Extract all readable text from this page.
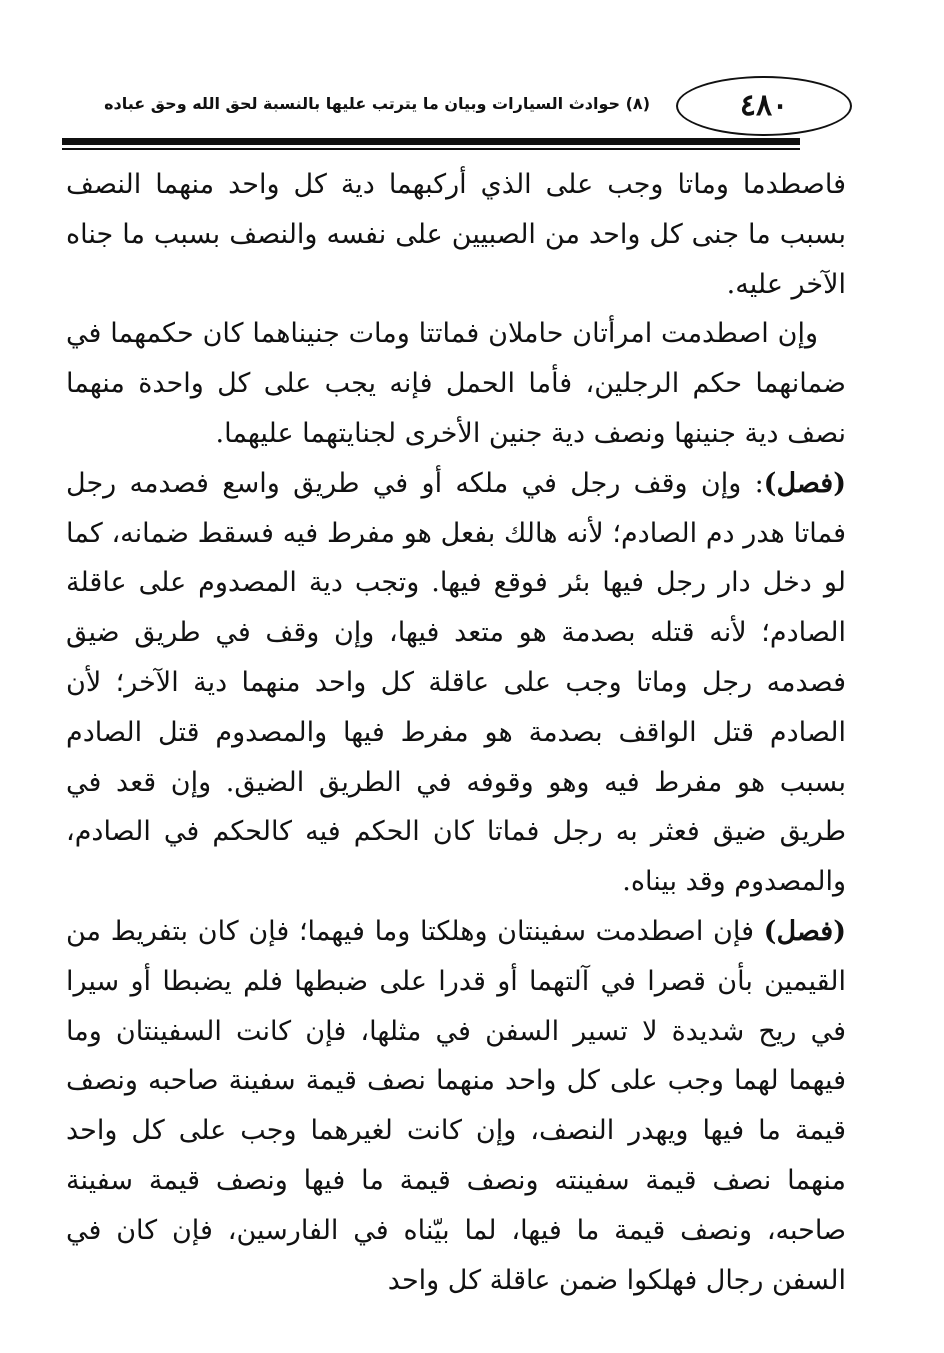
٤٨٠
(٨) حوادث السيارات وبيان ما يترتب عليها بالنسبة لحق الله وحق عباده

فاصطدما وماتا وجب على الذي أركبهما دية كل واحد منهما النصف بسبب ما جنى كل واحد من الصبيين على نفسه والنصف بسبب ما جناه الآخر عليه.

وإن اصطدمت امرأتان حاملان فماتتا ومات جنيناهما كان حكمهما في ضمانهما حكم الرجلين، فأما الحمل فإنه يجب على كل واحدة منهما نصف دية جنينها ونصف دية جنين الأخرى لجنايتهما عليهما.

(فصل): وإن وقف رجل في ملكه أو في طريق واسع فصدمه رجل فماتا هدر دم الصادم؛ لأنه هالك بفعل هو مفرط فيه فسقط ضمانه، كما لو دخل دار رجل فيها بئر فوقع فيها. وتجب دية المصدوم على عاقلة الصادم؛ لأنه قتله بصدمة هو متعد فيها، وإن وقف في طريق ضيق فصدمه رجل وماتا وجب على عاقلة كل واحد منهما دية الآخر؛ لأن الصادم قتل الواقف بصدمة هو مفرط فيها والمصدوم قتل الصادم بسبب هو مفرط فيه وهو وقوفه في الطريق الضيق. وإن قعد في طريق ضيق فعثر به رجل فماتا كان الحكم فيه كالحكم في الصادم، والمصدوم وقد بيناه.

(فصل) فإن اصطدمت سفينتان وهلكتا وما فيهما؛ فإن كان بتفريط من القيمين بأن قصرا في آلتهما أو قدرا على ضبطها فلم يضبطا أو سيرا في ريح شديدة لا تسير السفن في مثلها، فإن كانت السفينتان وما فيهما لهما وجب على كل واحد منهما نصف قيمة سفينة صاحبه ونصف قيمة ما فيها ويهدر النصف، وإن كانت لغيرهما وجب على كل واحد منهما نصف قيمة سفينته ونصف قيمة ما فيها ونصف قيمة سفينة صاحبه، ونصف قيمة ما فيها، لما بيّناه في الفارسين، فإن كان في السفن رجال فهلكوا ضمن عاقلة كل واحد
